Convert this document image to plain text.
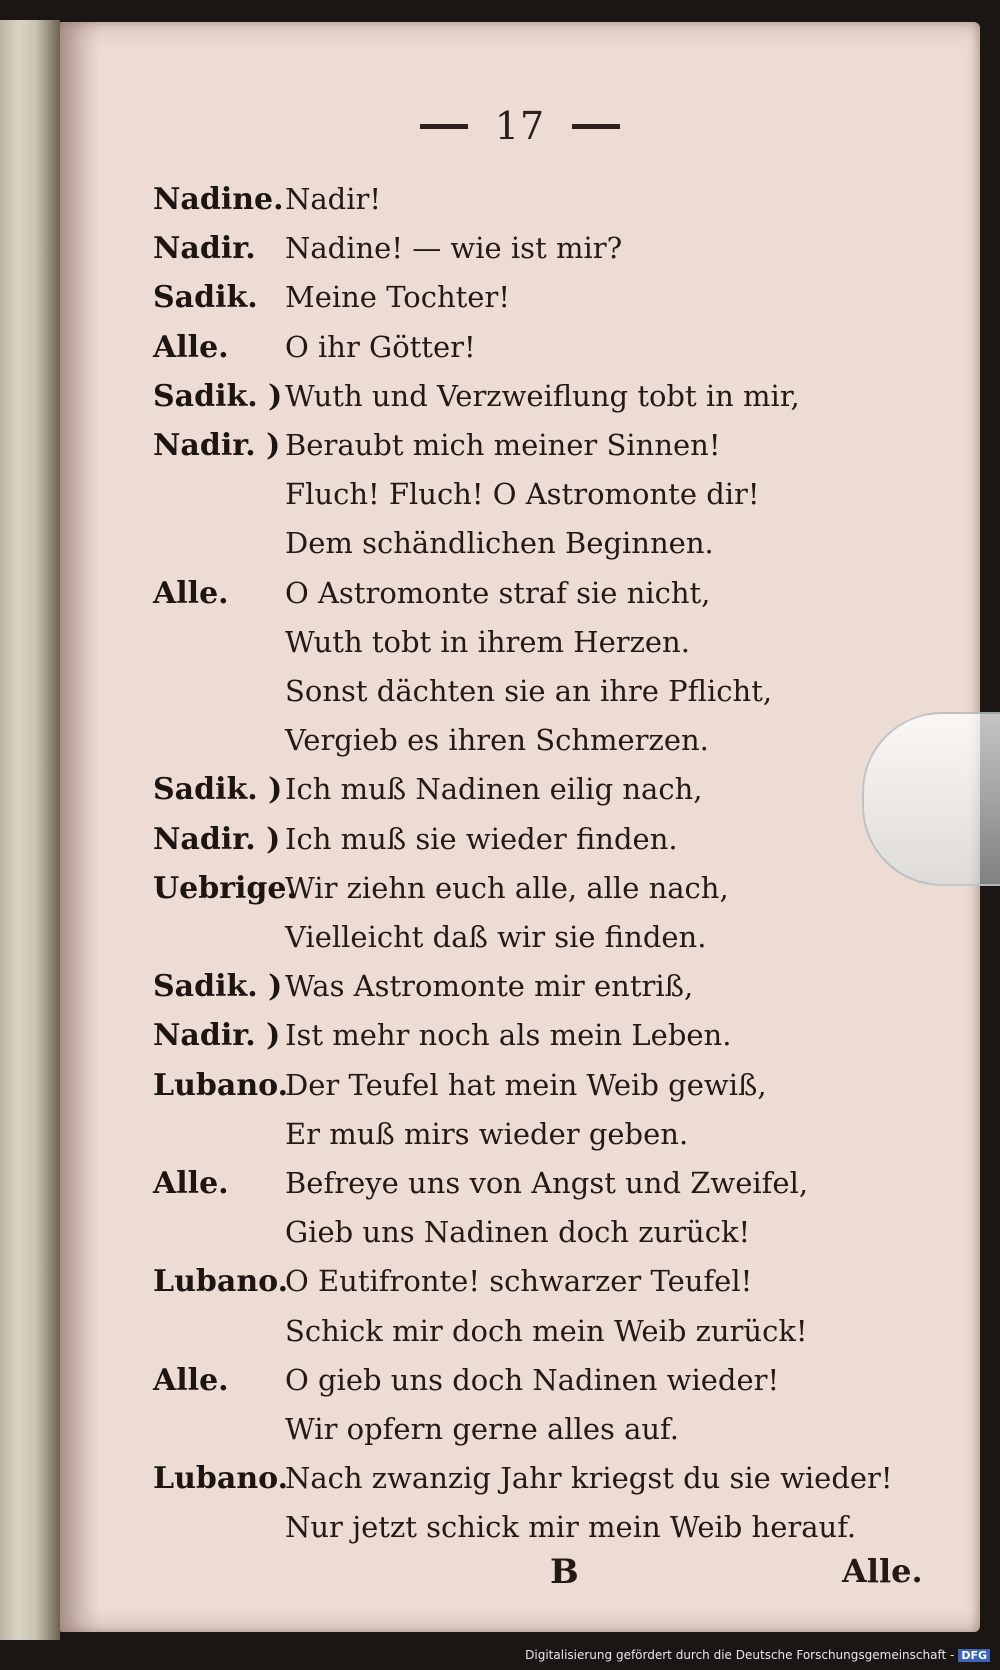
17
Nadine. Nadir!
Nadir. Nadine! — wie ist mir?
Sadik. Meine Tochter!
Alle. O ihr Götter!
Sadik. ) Wuth und Verzweiflung tobt in mir,
Nadir. ) Beraubt mich meiner Sinnen!
Fluch! Fluch! O Astromonte dir!
Dem schändlichen Beginnen.
Alle. O Astromonte straf sie nicht,
Wuth tobt in ihrem Herzen.
Sonst dächten sie an ihre Pflicht,
Vergieb es ihren Schmerzen.
Sadik. ) Ich muß Nadinen eilig nach,
Nadir. ) Ich muß sie wieder finden.
Uebrige.
Wir ziehn euch alle, alle nach,
Vielleicht daß wir sie finden.
Sadik. ) Was Astromonte mir entriß,
Nadir. ) Ist mehr noch als mein Leben.
Lubano.
Der Teufel hat mein Weib gewiß,
Er muß mirs wieder geben.
Alle. Befreye uns von Angst und Zweifel,
Gieb uns Nadinen doch zurück!
Lubano.
O Eutifronte! schwarzer Teufel!
Schick mir doch mein Weib zurück!
Alle. O gieb uns doch Nadinen wieder!
Wir opfern gerne alles auf.
Lubano.
Nach zwanzig Jahr kriegst du sie wieder!
Nur jetzt schick mir mein Weib herauf.
B	Alle.
Digitalisierung gefördert durch die Deutsche Forschungsgemeinschaft - DFG
